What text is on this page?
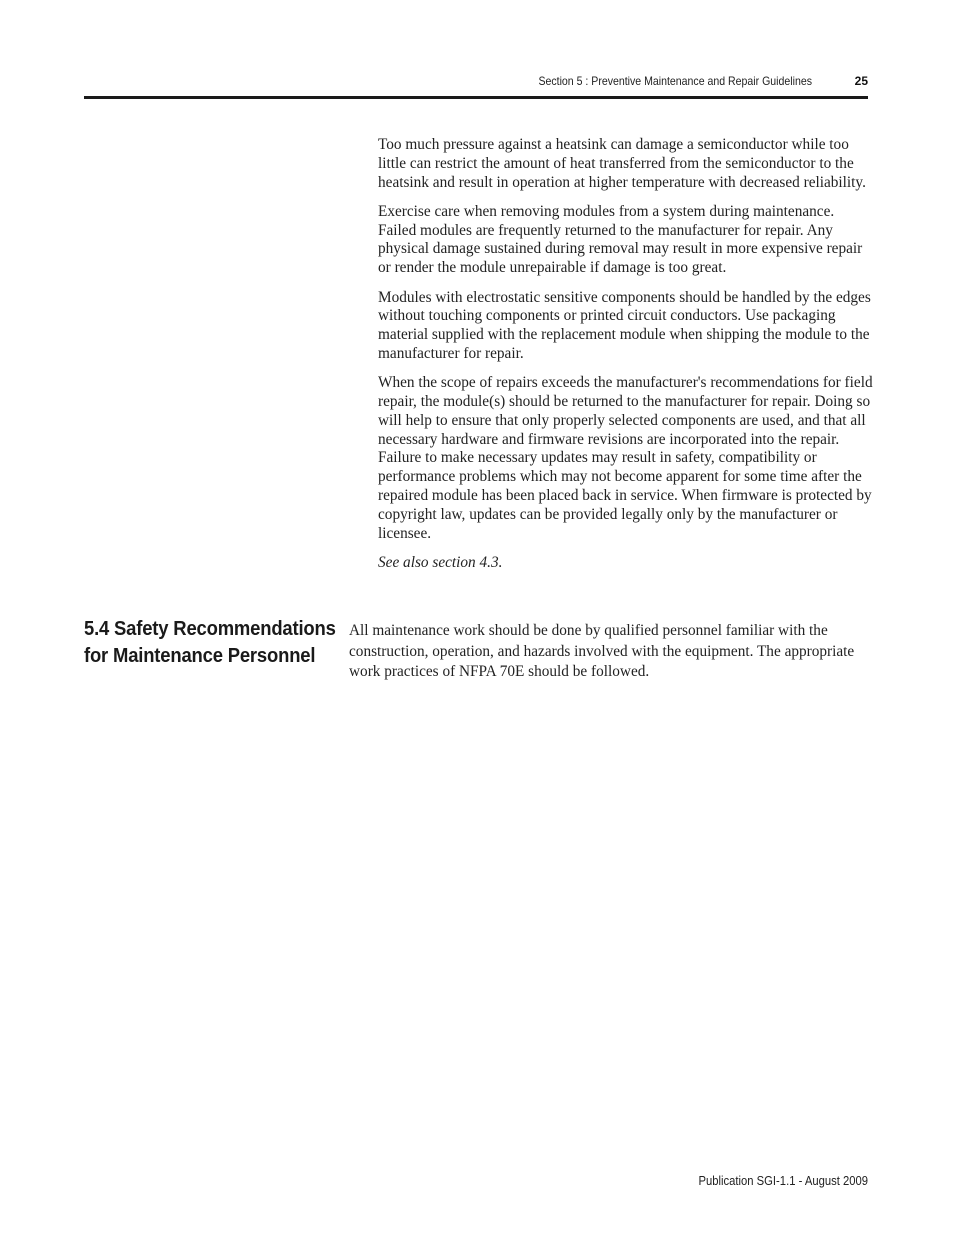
Section 5 : Preventive Maintenance and Repair Guidelines	25

Too much pressure against a heatsink can damage a semiconductor while too little can restrict the amount of heat transferred from the semiconductor to the heatsink and result in operation at higher temperature with decreased reliability.

Exercise care when removing modules from a system during maintenance. Failed modules are frequently returned to the manufacturer for repair. Any physical damage sustained during removal may result in more expensive repair or render the module unrepairable if damage is too great.

Modules with electrostatic sensitive components should be handled by the edges without touching components or printed circuit conductors. Use packaging material supplied with the replacement module when shipping the module to the manufacturer for repair.

When the scope of repairs exceeds the manufacturer's recommendations for field repair, the module(s) should be returned to the manufacturer for repair. Doing so will help to ensure that only properly selected components are used, and that all necessary hardware and firmware revisions are incorporated into the repair. Failure to make necessary updates may result in safety, compatibility or performance problems which may not become apparent for some time after the repaired module has been placed back in service. When firmware is protected by copyright law, updates can be provided legally only by the manufacturer or licensee.

See also section 4.3.

5.4 Safety Recommendations for Maintenance Personnel

All maintenance work should be done by qualified personnel familiar with the construction, operation, and hazards involved with the equipment. The appropriate work practices of NFPA 70E should be followed.

Publication SGI-1.1 - August 2009
